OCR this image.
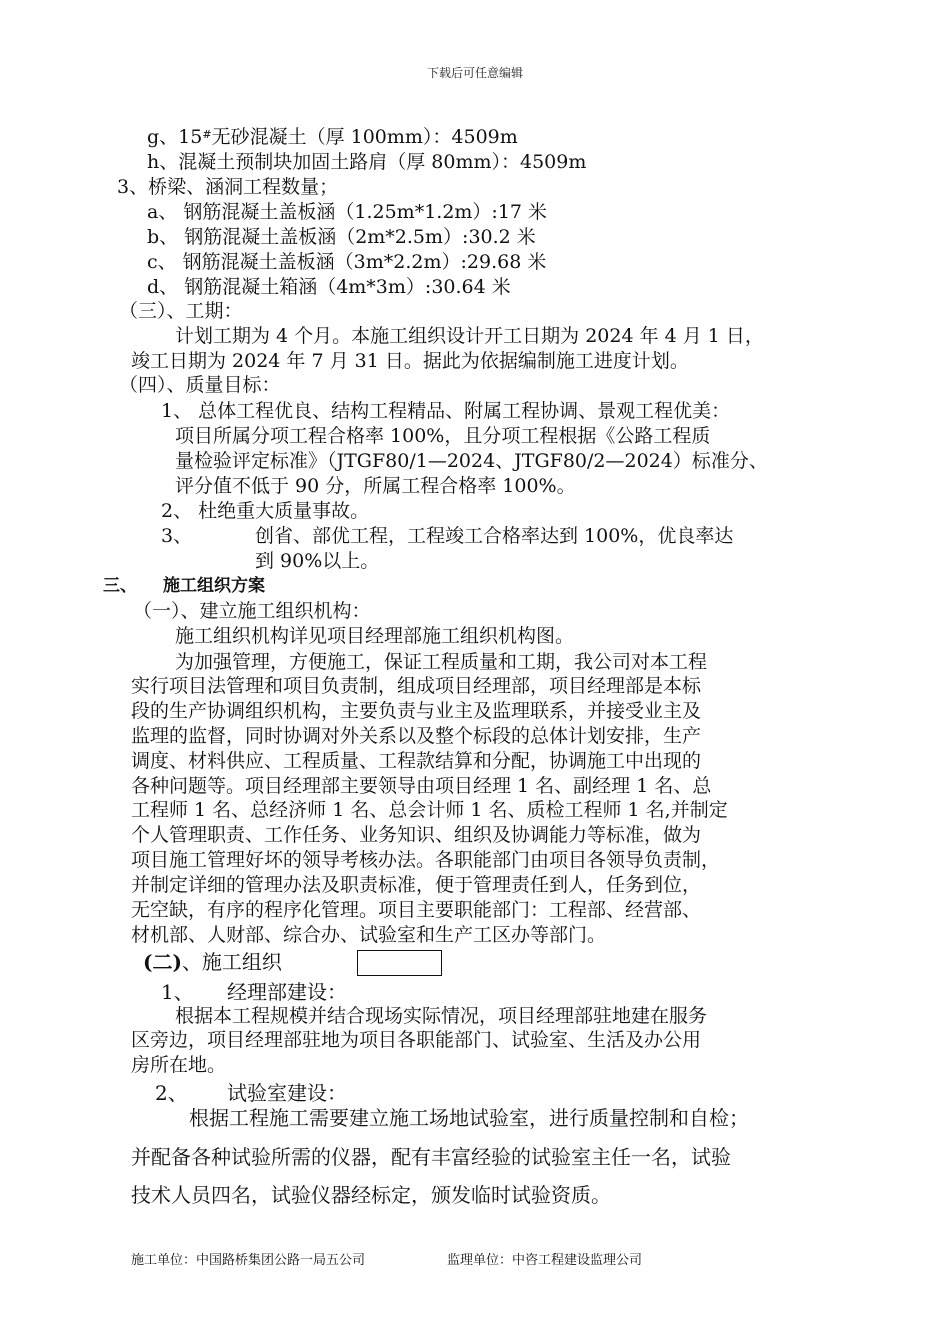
下载后可任意编辑
g、15#无砂混凝土（厚 100mm）：4509m
h、混凝土预制块加固土路肩（厚 80mm）：4509m
3、桥梁、涵洞工程数量；
a、 钢筋混凝土盖板涵（1.25m*1.2m）:17 米
b、 钢筋混凝土盖板涵（2m*2.5m）:30.2 米
c、 钢筋混凝土盖板涵（3m*2.2m）:29.68 米
d、 钢筋混凝土箱涵（4m*3m）:30.64 米
（三）、工期：
计划工期为 4 个月。本施工组织设计开工日期为 2024 年 4 月 1 日，
竣工日期为 2024 年 7 月 31 日。据此为依据编制施工进度计划。
（四）、质量目标：
1、 总体工程优良、结构工程精品、附属工程协调、景观工程优美：
项目所属分项工程合格率 100%，且分项工程根据《公路工程质
量检验评定标准》（JTGF80/1—2024、JTGF80/2—2024）标准分、
评分值不低于 90 分，所属工程合格率 100%。
2、 杜绝重大质量事故。
3、	创省、部优工程，工程竣工合格率达到 100%，优良率达
到 90%以上。
三、 施工组织方案
（一）、建立施工组织机构：
施工组织机构详见项目经理部施工组织机构图。
为加强管理，方便施工，保证工程质量和工期，我公司对本工程
实行项目法管理和项目负责制，组成项目经理部，项目经理部是本标
段的生产协调组织机构，主要负责与业主及监理联系，并接受业主及
监理的监督，同时协调对外关系以及整个标段的总体计划安排，生产
调度、材料供应、工程质量、工程款结算和分配，协调施工中出现的
各种问题等。项目经理部主要领导由项目经理 1 名、副经理 1 名、总
工程师 1 名、总经济师 1 名、总会计师 1 名、质检工程师 1 名,并制定
个人管理职责、工作任务、业务知识、组织及协调能力等标准，做为
项目施工管理好坏的领导考核办法。各职能部门由项目各领导负责制，
并制定详细的管理办法及职责标准，便于管理责任到人，任务到位，
无空缺，有序的程序化管理。项目主要职能部门：工程部、经营部、
材机部、人财部、综合办、试验室和生产工区办等部门。
(二)、施工组织
1、 经理部建设：
根据本工程规模并结合现场实际情况，项目经理部驻地建在服务
区旁边，项目经理部驻地为项目各职能部门、试验室、生活及办公用
房所在地。
2、 试验室建设：
根据工程施工需要建立施工场地试验室，进行质量控制和自检；
并配备各种试验所需的仪器，配有丰富经验的试验室主任一名，试验
技术人员四名，试验仪器经标定，颁发临时试验资质。
施工单位：中国路桥集团公路一局五公司	监理单位：中咨工程建设监理公司
